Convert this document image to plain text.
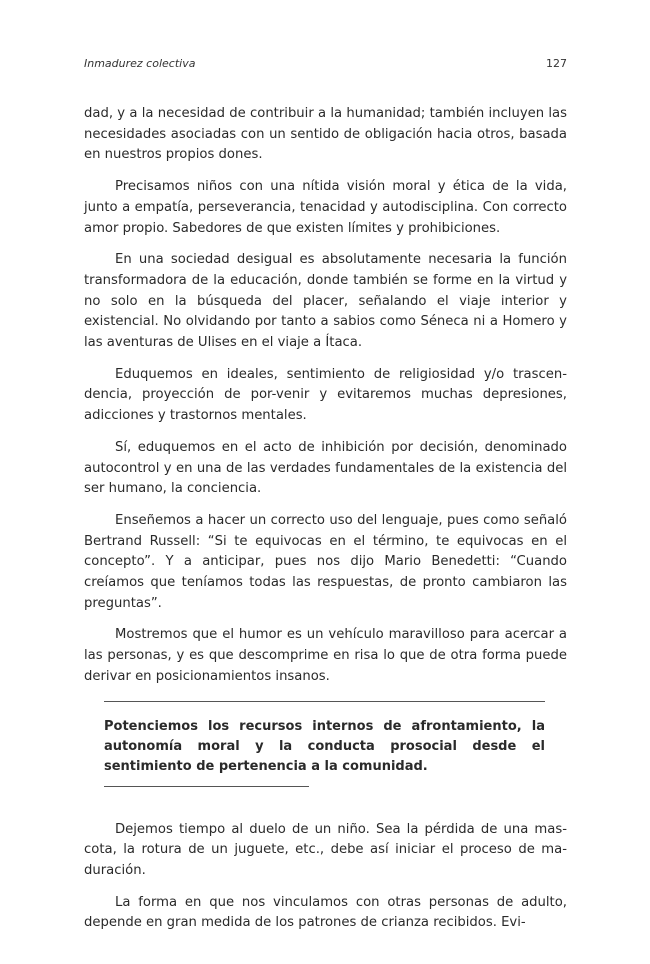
Inmadurez colectiva	127

dad, y a la necesidad de contribuir a la humanidad; también incluyen las necesidades asociadas con un sentido de obligación hacia otros, basada en nuestros propios dones.

Precisamos niños con una nítida visión moral y ética de la vida, junto a empatía, perseverancia, tenacidad y autodisciplina. Con correcto amor propio. Sabedores de que existen límites y prohibiciones.

En una sociedad desigual es absolutamente necesaria la función transformadora de la educación, donde también se forme en la virtud y no solo en la búsqueda del placer, señalando el viaje interior y existencial. No olvidando por tanto a sabios como Séneca ni a Homero y las aventuras de Ulises en el viaje a Ítaca.

Eduquemos en ideales, sentimiento de religiosidad y/o trascendencia, proyección de por-venir y evitaremos muchas depresiones, adicciones y trastornos mentales.

Sí, eduquemos en el acto de inhibición por decisión, denominado autocontrol y en una de las verdades fundamentales de la existencia del ser humano, la conciencia.

Enseñemos a hacer un correcto uso del lenguaje, pues como señaló Bertrand Russell: “Si te equivocas en el término, te equivocas en el concepto”. Y a anticipar, pues nos dijo Mario Benedetti: “Cuando creíamos que teníamos todas las respuestas, de pronto cambiaron las preguntas”.

Mostremos que el humor es un vehículo maravilloso para acercar a las personas, y es que descomprime en risa lo que de otra forma puede derivar en posicionamientos insanos.

Potenciemos los recursos internos de afrontamiento, la autonomía moral y la conducta prosocial desde el sentimiento de pertenencia a la comunidad.

Dejemos tiempo al duelo de un niño. Sea la pérdida de una mascota, la rotura de un juguete, etc., debe así iniciar el proceso de maduración.

La forma en que nos vinculamos con otras personas de adulto, depende en gran medida de los patrones de crianza recibidos. Evi-
